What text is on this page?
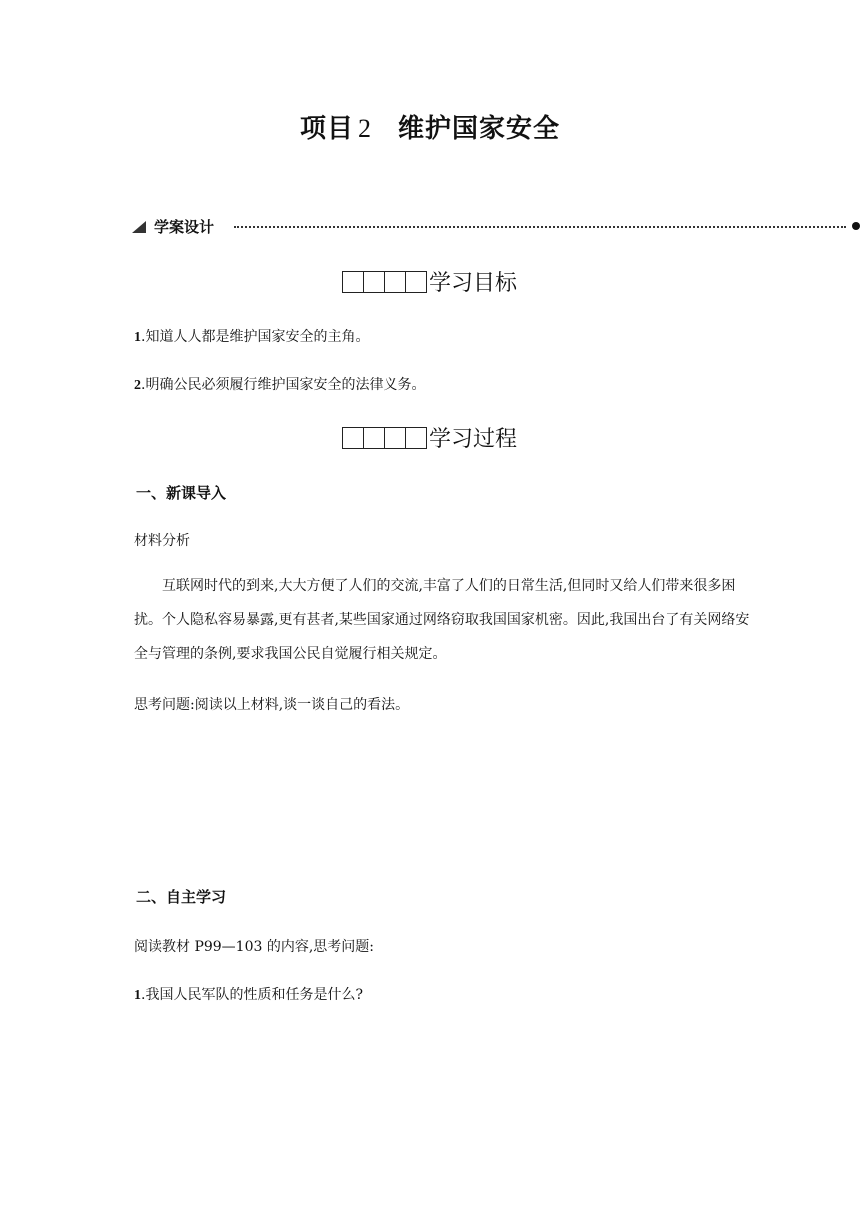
项目 2 维护国家安全
学案设计
学习目标
1.知道人人都是维护国家安全的主角。
2.明确公民必须履行维护国家安全的法律义务。
学习过程
一、新课导入
材料分析
互联网时代的到来,大大方便了人们的交流,丰富了人们的日常生活,但同时又给人们带来很多困扰。个人隐私容易暴露,更有甚者,某些国家通过网络窃取我国国家机密。因此,我国出台了有关网络安全与管理的条例,要求我国公民自觉履行相关规定。
思考问题:阅读以上材料,谈一谈自己的看法。
二、自主学习
阅读教材 P99—103 的内容,思考问题:
1.我国人民军队的性质和任务是什么?
